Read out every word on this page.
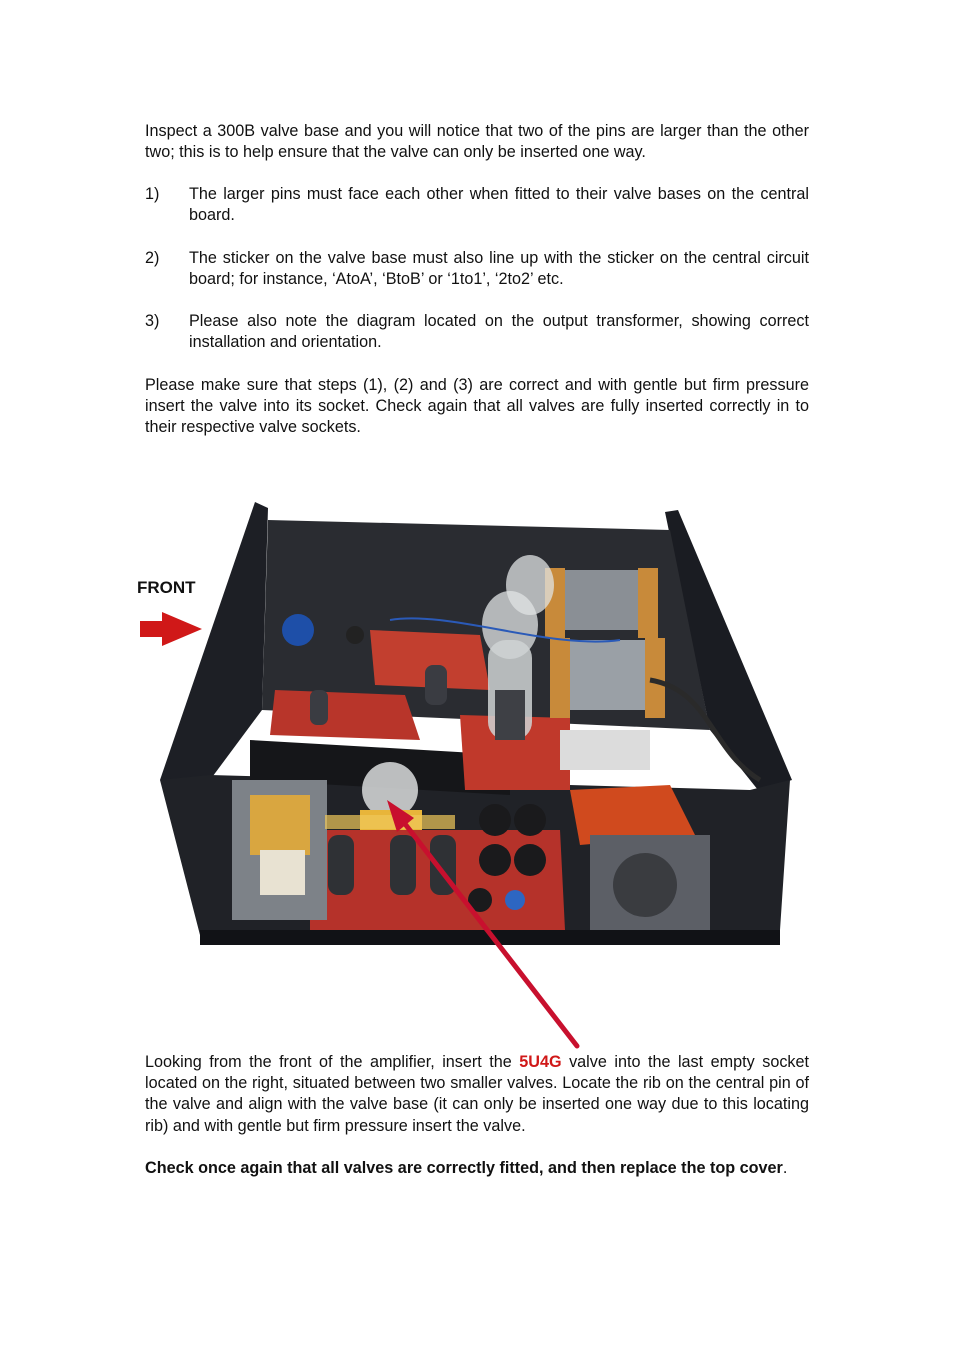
Inspect a 300B valve base and you will notice that two of the pins are larger than the other two; this is to help ensure that the valve can only be inserted one way.

1) The larger pins must face each other when fitted to their valve bases on the central board.
2) The sticker on the valve base must also line up with the sticker on the central circuit board; for instance, ‘AtoA’, ‘BtoB’ or ‘1to1’, ‘2to2’ etc.
3) Please also note the diagram located on the output transformer, showing correct installation and orientation.

Please make sure that steps (1), (2) and (3) are correct and with gentle but firm pressure insert the valve into its socket. Check again that all valves are fully inserted correctly in to their respective valve sockets.

FRONT

Looking from the front of the amplifier, insert the 5U4G valve into the last empty socket located on the right, situated between two smaller valves. Locate the rib on the central pin of the valve and align with the valve base (it can only be inserted one way due to this locating rib) and with gentle but firm pressure insert the valve.

Check once again that all valves are correctly fitted, and then replace the top cover.
